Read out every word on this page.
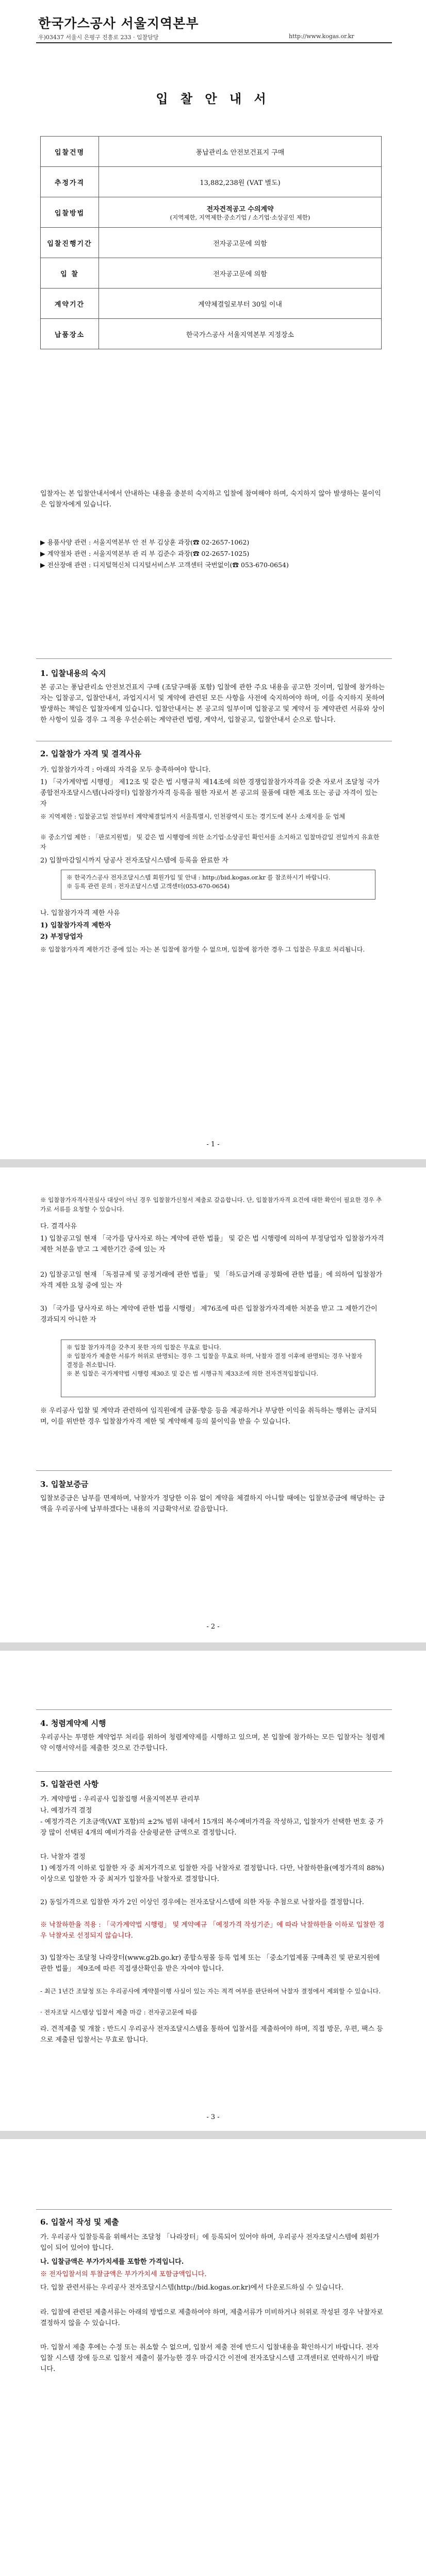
한국가스공사 서울지역본부
우)03437 서울시 은평구 진흥로 233 · 입찰담당	http://www.kogas.or.kr
입 찰 안 내 서
입찰건명	풍납관리소 안전보건표지 구매
추정가격	13,882,238원 (VAT 별도)
입찰방법	전자견적공고 수의계약
(지역제한, 지역제한·중소기업 / 소기업·소상공인 제한)

입찰진행기간	전자공고문에 의함
입 찰	전자공고문에 의함
계약기간	계약체결일로부터 30일 이내
납품장소	한국가스공사 서울지역본부 지정장소
입찰자는 본 입찰안내서에서 안내하는 내용을 충분히 숙지하고 입찰에 참여해야 하며, 숙지하지 않아 발생하는 불이익은 입찰자에게 있습니다.
▶ 용품사양 관련 : 서울지역본부 안 전 부 김상훈 과장(☎ 02-2657-1062)
▶ 계약절차 관련 : 서울지역본부 관 리 부 김준수 과장(☎ 02-2657-1025)
▶ 전산장애 관련 : 디지털혁신처 디지털서비스부 고객센터 국번없이(☎ 053-670-0654)
1. 입찰내용의 숙지
본 공고는 풍납관리소 안전보건표지 구매 (조달구매품 포함) 입찰에 관한 주요 내용을 공고한 것이며, 입찰에 참가하는 자는 입찰공고, 입찰안내서, 과업지시서 및 계약에 관련된 모든 사항을 사전에 숙지하여야 하며, 이를 숙지하지 못하여 발생하는 책임은 입찰자에게 있습니다. 입찰안내서는 본 공고의 일부이며 입찰공고 및 계약서 등 계약관련 서류와 상이한 사항이 있을 경우 그 적용 우선순위는 계약관련 법령, 계약서, 입찰공고, 입찰안내서 순으로 합니다.
2. 입찰참가 자격 및 결격사유
가. 입찰참가자격 : 아래의 자격을 모두 충족하여야 합니다.
1) 「국가계약법 시행령」 제12조 및 같은 법 시행규칙 제14조에 의한 경쟁입찰참가자격을 갖춘 자로서 조달청 국가종합전자조달시스템(나라장터) 입찰참가자격 등록을 필한 자로서 본 공고의 물품에 대한 제조 또는 공급 자격이 있는 자
※ 지역제한 : 입찰공고일 전일부터 계약체결일까지 서울특별시, 인천광역시 또는 경기도에 본사 소재지를 둔 업체
※ 중소기업 제한 : 「판로지원법」 및 같은 법 시행령에 의한 소기업·소상공인 확인서를 소지하고 입찰마감일 전일까지 유효한 자
2) 입찰마감일시까지 당공사 전자조달시스템에 등록을 완료한 자
※ 한국가스공사 전자조달시스템 회원가입 및 안내 : http://bid.kogas.or.kr 를 참조하시기 바랍니다.
※ 등록 관련 문의 : 전자조달시스템 고객센터(053-670-0654)
나. 입찰참가자격 제한 사유
1) 입찰참가자격 제한자
2) 부정당업자
※ 입찰참가자격 제한기간 중에 있는 자는 본 입찰에 참가할 수 없으며, 입찰에 참가한 경우 그 입찰은 무효로 처리됩니다.
- 1 -
※ 입찰참가자격사전심사 대상이 아닌 경우 입찰참가신청서 제출로 갈음합니다. 단, 입찰참가자격 요건에 대한 확인이 필요한 경우 추가로 서류를 요청할 수 있습니다.
다. 결격사유
1) 입찰공고일 현재 「국가를 당사자로 하는 계약에 관한 법률」 및 같은 법 시행령에 의하여 부정당업자 입찰참가자격 제한 처분을 받고 그 제한기간 중에 있는 자
2) 입찰공고일 현재 「독점규제 및 공정거래에 관한 법률」 및 「하도급거래 공정화에 관한 법률」에 의하여 입찰참가자격 제한 요청 중에 있는 자
3) 「국가를 당사자로 하는 계약에 관한 법률 시행령」 제76조에 따른 입찰참가자격제한 처분을 받고 그 제한기간이 경과되지 아니한 자
※ 입찰 참가자격을 갖추지 못한 자의 입찰은 무효로 합니다.
※ 입찰자가 제출한 서류가 허위로 판명되는 경우 그 입찰을 무효로 하며, 낙찰자 결정 이후에 판명되는 경우 낙찰자 결정을 취소합니다.
※ 본 입찰은 국가계약법 시행령 제30조 및 같은 법 시행규칙 제33조에 의한 전자견적입찰입니다.
※ 우리공사 입찰 및 계약과 관련하여 임직원에게 금품·향응 등을 제공하거나 부당한 이익을 취득하는 행위는 금지되며, 이를 위반한 경우 입찰참가자격 제한 및 계약해제 등의 불이익을 받을 수 있습니다.
3. 입찰보증금
입찰보증금은 납부를 면제하며, 낙찰자가 정당한 이유 없이 계약을 체결하지 아니할 때에는 입찰보증금에 해당하는 금액을 우리공사에 납부하겠다는 내용의 지급확약서로 갈음합니다.
- 2 -
4. 청렴계약제 시행
우리공사는 투명한 계약업무 처리를 위하여 청렴계약제를 시행하고 있으며, 본 입찰에 참가하는 모든 입찰자는 청렴계약 이행서약서를 제출한 것으로 간주합니다.
5. 입찰관련 사항
가. 계약방법 : 우리공사 입찰집행 서울지역본부 관리부
나. 예정가격 결정
- 예정가격은 기초금액(VAT 포함)의 ±2% 범위 내에서 15개의 복수예비가격을 작성하고, 입찰자가 선택한 번호 중 가장 많이 선택된 4개의 예비가격을 산술평균한 금액으로 결정합니다.
다. 낙찰자 결정
1) 예정가격 이하로 입찰한 자 중 최저가격으로 입찰한 자를 낙찰자로 결정합니다. 다만, 낙찰하한율(예정가격의 88%) 이상으로 입찰한 자 중 최저가 입찰자를 낙찰자로 결정합니다.
2) 동일가격으로 입찰한 자가 2인 이상인 경우에는 전자조달시스템에 의한 자동 추첨으로 낙찰자를 결정합니다.
※ 낙찰하한율 적용 : 「국가계약법 시행령」 및 계약예규 「예정가격 작성기준」에 따라 낙찰하한율 이하로 입찰한 경우 낙찰자로 선정되지 않습니다.
3) 입찰자는 조달청 나라장터(www.g2b.go.kr) 종합쇼핑몰 등록 업체 또는 「중소기업제품 구매촉진 및 판로지원에 관한 법률」 제9조에 따른 직접생산확인을 받은 자여야 합니다.
- 최근 1년간 조달청 또는 우리공사에 계약불이행 사실이 있는 자는 적격 여부를 판단하여 낙찰자 결정에서 제외할 수 있습니다.
· 전자조달 시스템상 입찰서 제출 마감 : 전자공고문에 따름
라. 견적제출 및 개찰 : 반드시 우리공사 전자조달시스템을 통하여 입찰서를 제출하여야 하며, 직접 방문, 우편, 팩스 등으로 제출된 입찰서는 무효로 합니다.
- 3 -
6. 입찰서 작성 및 제출
가. 우리공사 입찰등록을 위해서는 조달청 「나라장터」에 등록되어 있어야 하며, 우리공사 전자조달시스템에 회원가입이 되어 있어야 합니다.
나. 입찰금액은 부가가치세를 포함한 가격입니다.
※ 전자입찰서의 투찰금액은 부가가치세 포함금액입니다.
다. 입찰 관련서류는 우리공사 전자조달시스템(http://bid.kogas.or.kr)에서 다운로드하실 수 있습니다.
라. 입찰에 관련된 제출서류는 아래의 방법으로 제출하여야 하며, 제출서류가 미비하거나 허위로 작성된 경우 낙찰자로 결정하지 않을 수 있습니다.
마. 입찰서 제출 후에는 수정 또는 취소할 수 없으며, 입찰서 제출 전에 반드시 입찰내용을 확인하시기 바랍니다. 전자입찰 시스템 장애 등으로 입찰서 제출이 불가능한 경우 마감시간 이전에 전자조달시스템 고객센터로 연락하시기 바랍니다.
